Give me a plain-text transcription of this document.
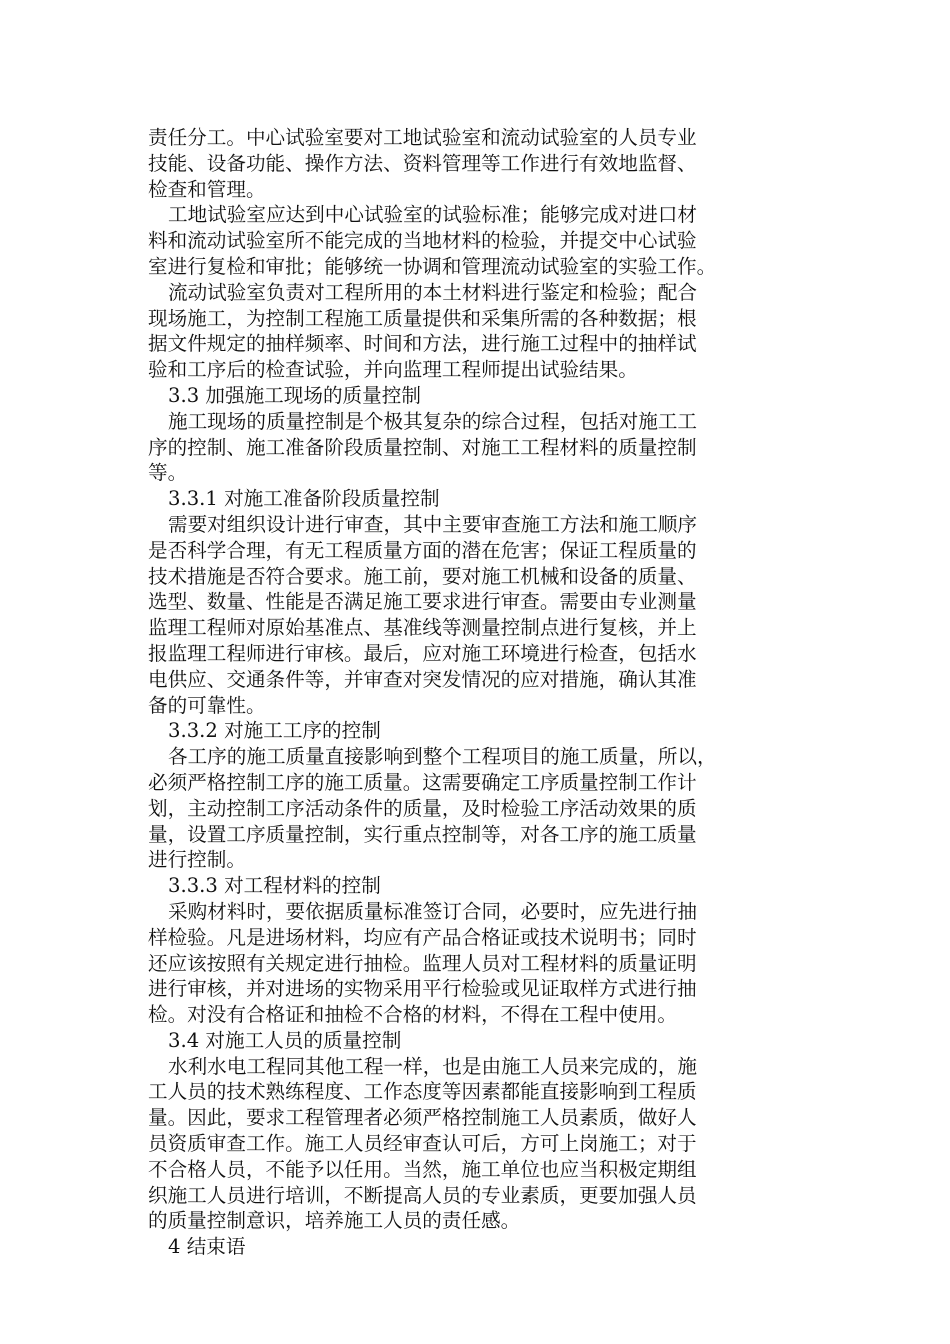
责任分工。中心试验室要对工地试验室和流动试验室的人员专业
技能、设备功能、操作方法、资料管理等工作进行有效地监督、
检查和管理。
工地试验室应达到中心试验室的试验标准；能够完成对进口材
料和流动试验室所不能完成的当地材料的检验，并提交中心试验
室进行复检和审批；能够统一协调和管理流动试验室的实验工作。
流动试验室负责对工程所用的本土材料进行鉴定和检验；配合
现场施工，为控制工程施工质量提供和采集所需的各种数据；根
据文件规定的抽样频率、时间和方法，进行施工过程中的抽样试
验和工序后的检查试验，并向监理工程师提出试验结果。
3.3 加强施工现场的质量控制
施工现场的质量控制是个极其复杂的综合过程，包括对施工工
序的控制、施工准备阶段质量控制、对施工工程材料的质量控制
等。
3.3.1 对施工准备阶段质量控制
需要对组织设计进行审查，其中主要审查施工方法和施工顺序
是否科学合理，有无工程质量方面的潜在危害；保证工程质量的
技术措施是否符合要求。施工前，要对施工机械和设备的质量、
选型、数量、性能是否满足施工要求进行审查。需要由专业测量
监理工程师对原始基准点、基准线等测量控制点进行复核，并上
报监理工程师进行审核。最后，应对施工环境进行检查，包括水
电供应、交通条件等，并审查对突发情况的应对措施，确认其准
备的可靠性。
3.3.2 对施工工序的控制
各工序的施工质量直接影响到整个工程项目的施工质量，所以，
必须严格控制工序的施工质量。这需要确定工序质量控制工作计
划，主动控制工序活动条件的质量，及时检验工序活动效果的质
量，设置工序质量控制，实行重点控制等，对各工序的施工质量
进行控制。
3.3.3 对工程材料的控制
采购材料时，要依据质量标准签订合同，必要时，应先进行抽
样检验。凡是进场材料，均应有产品合格证或技术说明书；同时
还应该按照有关规定进行抽检。监理人员对工程材料的质量证明
进行审核，并对进场的实物采用平行检验或见证取样方式进行抽
检。对没有合格证和抽检不合格的材料，不得在工程中使用。
3.4 对施工人员的质量控制
水利水电工程同其他工程一样，也是由施工人员来完成的，施
工人员的技术熟练程度、工作态度等因素都能直接影响到工程质
量。因此，要求工程管理者必须严格控制施工人员素质，做好人
员资质审查工作。施工人员经审查认可后，方可上岗施工；对于
不合格人员，不能予以任用。当然，施工单位也应当积极定期组
织施工人员进行培训，不断提高人员的专业素质，更要加强人员
的质量控制意识，培养施工人员的责任感。
4 结束语
